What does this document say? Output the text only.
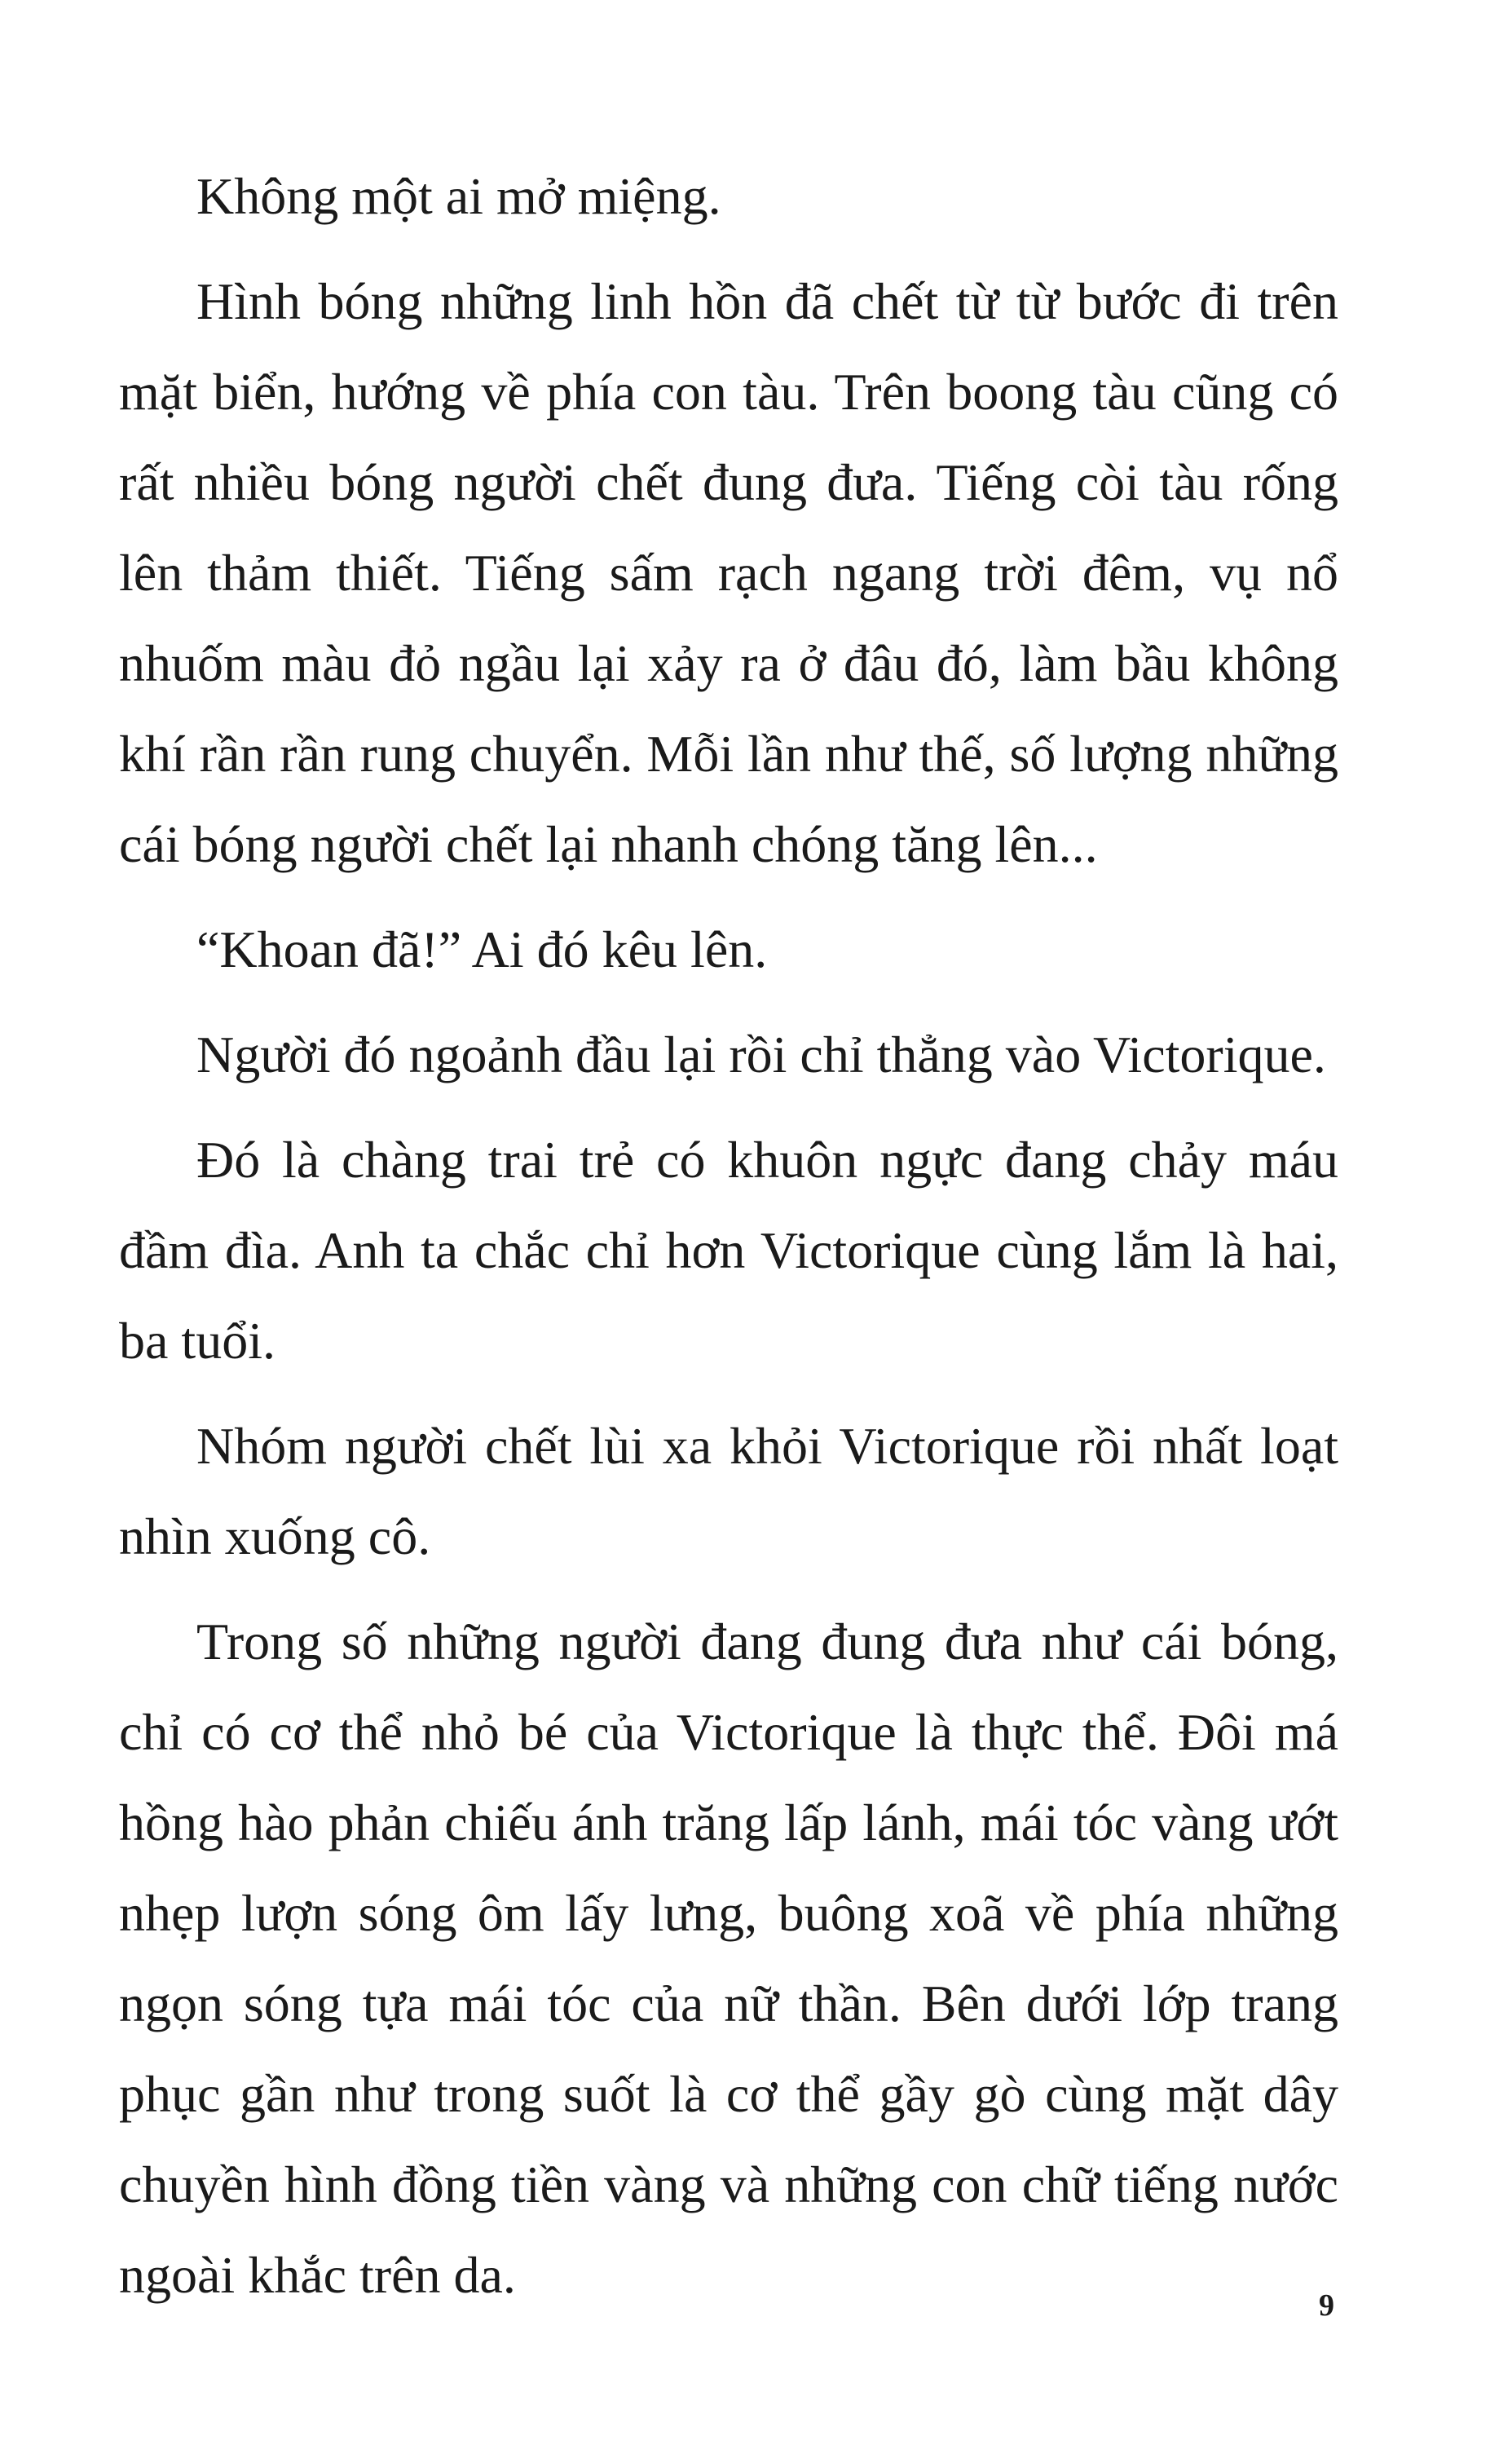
Không một ai mở miệng.

Hình bóng những linh hồn đã chết từ từ bước đi trên mặt biển, hướng về phía con tàu. Trên boong tàu cũng có rất nhiều bóng người chết đung đưa. Tiếng còi tàu rống lên thảm thiết. Tiếng sấm rạch ngang trời đêm, vụ nổ nhuốm màu đỏ ngầu lại xảy ra ở đâu đó, làm bầu không khí rần rần rung chuyển. Mỗi lần như thế, số lượng những cái bóng người chết lại nhanh chóng tăng lên...

“Khoan đã!” Ai đó kêu lên.

Người đó ngoảnh đầu lại rồi chỉ thẳng vào Victorique.

Đó là chàng trai trẻ có khuôn ngực đang chảy máu đầm đìa. Anh ta chắc chỉ hơn Victorique cùng lắm là hai, ba tuổi.

Nhóm người chết lùi xa khỏi Victorique rồi nhất loạt nhìn xuống cô.

Trong số những người đang đung đưa như cái bóng, chỉ có cơ thể nhỏ bé của Victorique là thực thể. Đôi má hồng hào phản chiếu ánh trăng lấp lánh, mái tóc vàng ướt nhẹp lượn sóng ôm lấy lưng, buông xoã về phía những ngọn sóng tựa mái tóc của nữ thần. Bên dưới lớp trang phục gần như trong suốt là cơ thể gầy gò cùng mặt dây chuyền hình đồng tiền vàng và những con chữ tiếng nước ngoài khắc trên da.

9
